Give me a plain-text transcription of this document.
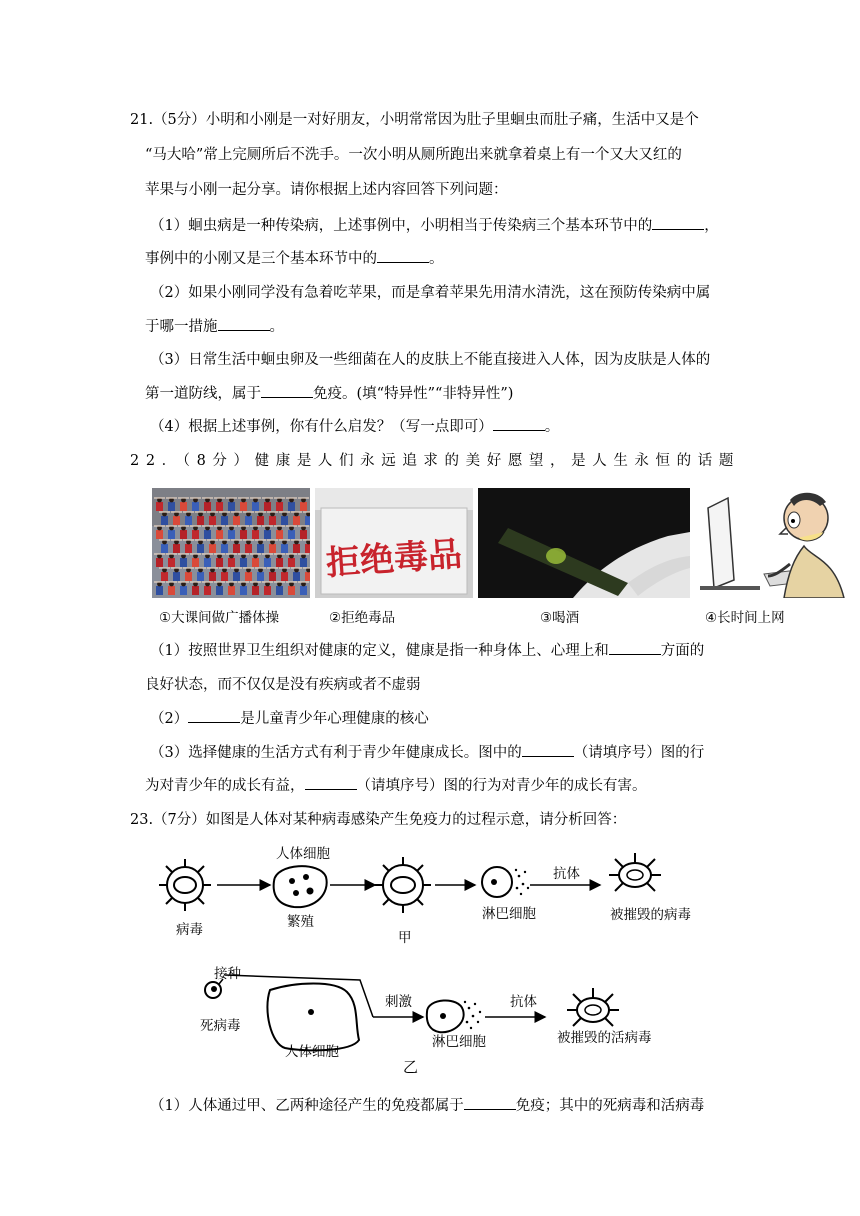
21.（5分）小明和小刚是一对好朋友，小明常常因为肚子里蛔虫而肚子痛，生活中又是个
“马大哈”常上完厕所后不洗手。一次小明从厕所跑出来就拿着桌上有一个又大又红的
苹果与小刚一起分享。请你根据上述内容回答下列问题：
（1）蛔虫病是一种传染病，上述事例中，小明相当于传染病三个基本环节中的	，
事例中的小刚又是三个基本环节中的	。
（2）如果小刚同学没有急着吃苹果，而是拿着苹果先用清水清洗，这在预防传染病中属
于哪一措施	。
（3）日常生活中蛔虫卵及一些细菌在人的皮肤上不能直接进入人体，因为皮肤是人体的
第一道防线，属于	免疫。(填“特异性”“非特异性”)
（4）根据上述事例，你有什么启发？（写一点即可）	。
22．（8分）健康是人们永远追求的美好愿望，是人生永恒的话题
拒绝毒品
①大课间做广播体操	②拒绝毒品	③喝酒	④长时间上网
（1）按照世界卫生组织对健康的定义，健康是指一种身体上、心理上和	方面的
良好状态，而不仅仅是没有疾病或者不虚弱
（2）	是儿童青少年心理健康的核心
（3）选择健康的生活方式有利于青少年健康成长。图中的	（请填序号）图的行
为对青少年的成长有益，	（请填序号）图的行为对青少年的成长有害。
23.（7分）如图是人体对某种病毒感染产生免疫力的过程示意，请分析回答：
人体细胞
病毒	繁殖
甲
淋巴细胞
抗体
被摧毁的病毒
接种
死病毒
人体细胞
刺激
淋巴细胞
抗体
被摧毁的活病毒
乙
（1）人体通过甲、乙两种途径产生的免疫都属于	免疫；其中的死病毒和活病毒
